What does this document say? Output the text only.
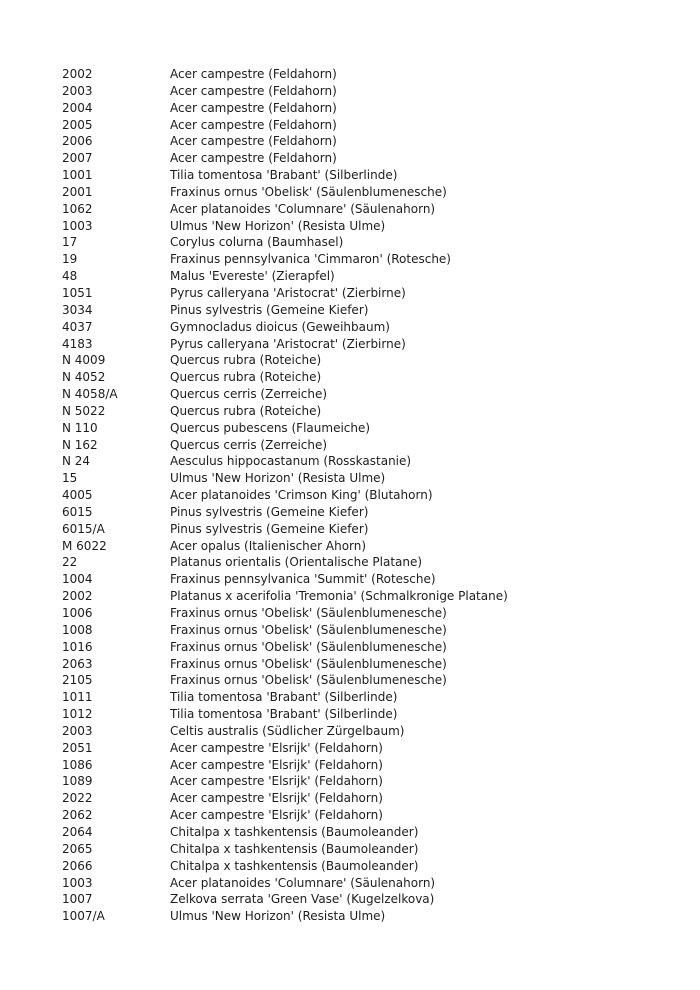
2002	Acer campestre (Feldahorn)
2003	Acer campestre (Feldahorn)
2004	Acer campestre (Feldahorn)
2005	Acer campestre (Feldahorn)
2006	Acer campestre (Feldahorn)
2007	Acer campestre (Feldahorn)
1001	Tilia tomentosa 'Brabant' (Silberlinde)
2001	Fraxinus ornus 'Obelisk' (Säulenblumenesche)
1062	Acer platanoides 'Columnare' (Säulenahorn)
1003	Ulmus 'New Horizon' (Resista Ulme)
17	Corylus colurna (Baumhasel)
19	Fraxinus pennsylvanica 'Cimmaron' (Rotesche)
48	Malus 'Evereste' (Zierapfel)
1051	Pyrus calleryana 'Aristocrat' (Zierbirne)
3034	Pinus sylvestris (Gemeine Kiefer)
4037	Gymnocladus dioicus (Geweihbaum)
4183	Pyrus calleryana 'Aristocrat' (Zierbirne)
N 4009	Quercus rubra (Roteiche)
N 4052	Quercus rubra (Roteiche)
N 4058/A	Quercus cerris (Zerreiche)
N 5022	Quercus rubra (Roteiche)
N 110	Quercus pubescens (Flaumeiche)
N 162	Quercus cerris (Zerreiche)
N 24	Aesculus hippocastanum (Rosskastanie)
15	Ulmus 'New Horizon' (Resista Ulme)
4005	Acer platanoides 'Crimson King' (Blutahorn)
6015	Pinus sylvestris (Gemeine Kiefer)
6015/A	Pinus sylvestris (Gemeine Kiefer)
M 6022	Acer opalus (Italienischer Ahorn)
22	Platanus orientalis (Orientalische Platane)
1004	Fraxinus pennsylvanica 'Summit' (Rotesche)
2002	Platanus x acerifolia 'Tremonia' (Schmalkronige Platane)
1006	Fraxinus ornus 'Obelisk' (Säulenblumenesche)
1008	Fraxinus ornus 'Obelisk' (Säulenblumenesche)
1016	Fraxinus ornus 'Obelisk' (Säulenblumenesche)
2063	Fraxinus ornus 'Obelisk' (Säulenblumenesche)
2105	Fraxinus ornus 'Obelisk' (Säulenblumenesche)
1011	Tilia tomentosa 'Brabant' (Silberlinde)
1012	Tilia tomentosa 'Brabant' (Silberlinde)
2003	Celtis australis (Südlicher Zürgelbaum)
2051	Acer campestre 'Elsrijk' (Feldahorn)
1086	Acer campestre 'Elsrijk' (Feldahorn)
1089	Acer campestre 'Elsrijk' (Feldahorn)
2022	Acer campestre 'Elsrijk' (Feldahorn)
2062	Acer campestre 'Elsrijk' (Feldahorn)
2064	Chitalpa x tashkentensis (Baumoleander)
2065	Chitalpa x tashkentensis (Baumoleander)
2066	Chitalpa x tashkentensis (Baumoleander)
1003	Acer platanoides 'Columnare' (Säulenahorn)
1007	Zelkova serrata 'Green Vase' (Kugelzelkova)
1007/A	Ulmus 'New Horizon' (Resista Ulme)
